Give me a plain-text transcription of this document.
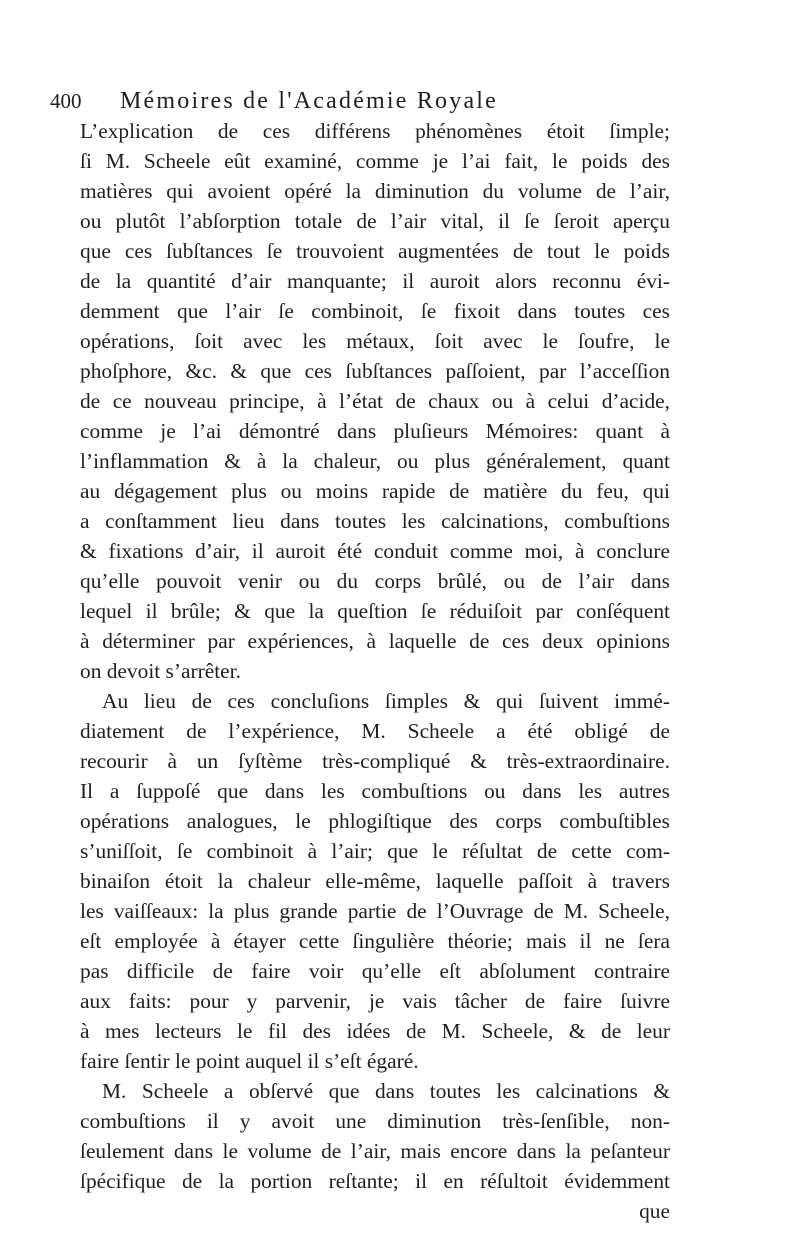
400	Mémoires de l'Académie Royale
L’explication de ces différens phénomènes étoit ſimple;
ſi M. Scheele eût examiné, comme je l’ai fait, le poids des
matières qui avoient opéré la diminution du volume de l’air,
ou plutôt l’abſorption totale de l’air vital, il ſe ſeroit aperçu
que ces ſubſtances ſe trouvoient augmentées de tout le poids
de la quantité d’air manquante; il auroit alors reconnu évi-
demment que l’air ſe combinoit, ſe fixoit dans toutes ces
opérations, ſoit avec les métaux, ſoit avec le ſoufre, le
phoſphore, &c. & que ces ſubſtances paſſoient, par l’acceſſion
de ce nouveau principe, à l’état de chaux ou à celui d’acide,
comme je l’ai démontré dans pluſieurs Mémoires: quant à
l’inflammation & à la chaleur, ou plus généralement, quant
au dégagement plus ou moins rapide de matière du feu, qui
a conſtamment lieu dans toutes les calcinations, combuſtions
& fixations d’air, il auroit été conduit comme moi, à conclure
qu’elle pouvoit venir ou du corps brûlé, ou de l’air dans
lequel il brûle; & que la queſtion ſe réduiſoit par conſéquent
à déterminer par expériences, à laquelle de ces deux opinions
on devoit s’arrêter.
Au lieu de ces concluſions ſimples & qui ſuivent immé-
diatement de l’expérience, M. Scheele a été obligé de
recourir à un ſyſtème très-compliqué & très-extraordinaire.
Il a ſuppoſé que dans les combuſtions ou dans les autres
opérations analogues, le phlogiſtique des corps combuſtibles
s’uniſſoit, ſe combinoit à l’air; que le réſultat de cette com-
binaiſon étoit la chaleur elle-même, laquelle paſſoit à travers
les vaiſſeaux: la plus grande partie de l’Ouvrage de M. Scheele,
eſt employée à étayer cette ſingulière théorie; mais il ne ſera
pas difficile de faire voir qu’elle eſt abſolument contraire
aux faits: pour y parvenir, je vais tâcher de faire ſuivre
à mes lecteurs le fil des idées de M. Scheele, & de leur
faire ſentir le point auquel il s’eſt égaré.
M. Scheele a obſervé que dans toutes les calcinations &
combuſtions il y avoit une diminution très-ſenſible, non-
ſeulement dans le volume de l’air, mais encore dans la peſanteur
ſpécifique de la portion reſtante; il en réſultoit évidemment
que
